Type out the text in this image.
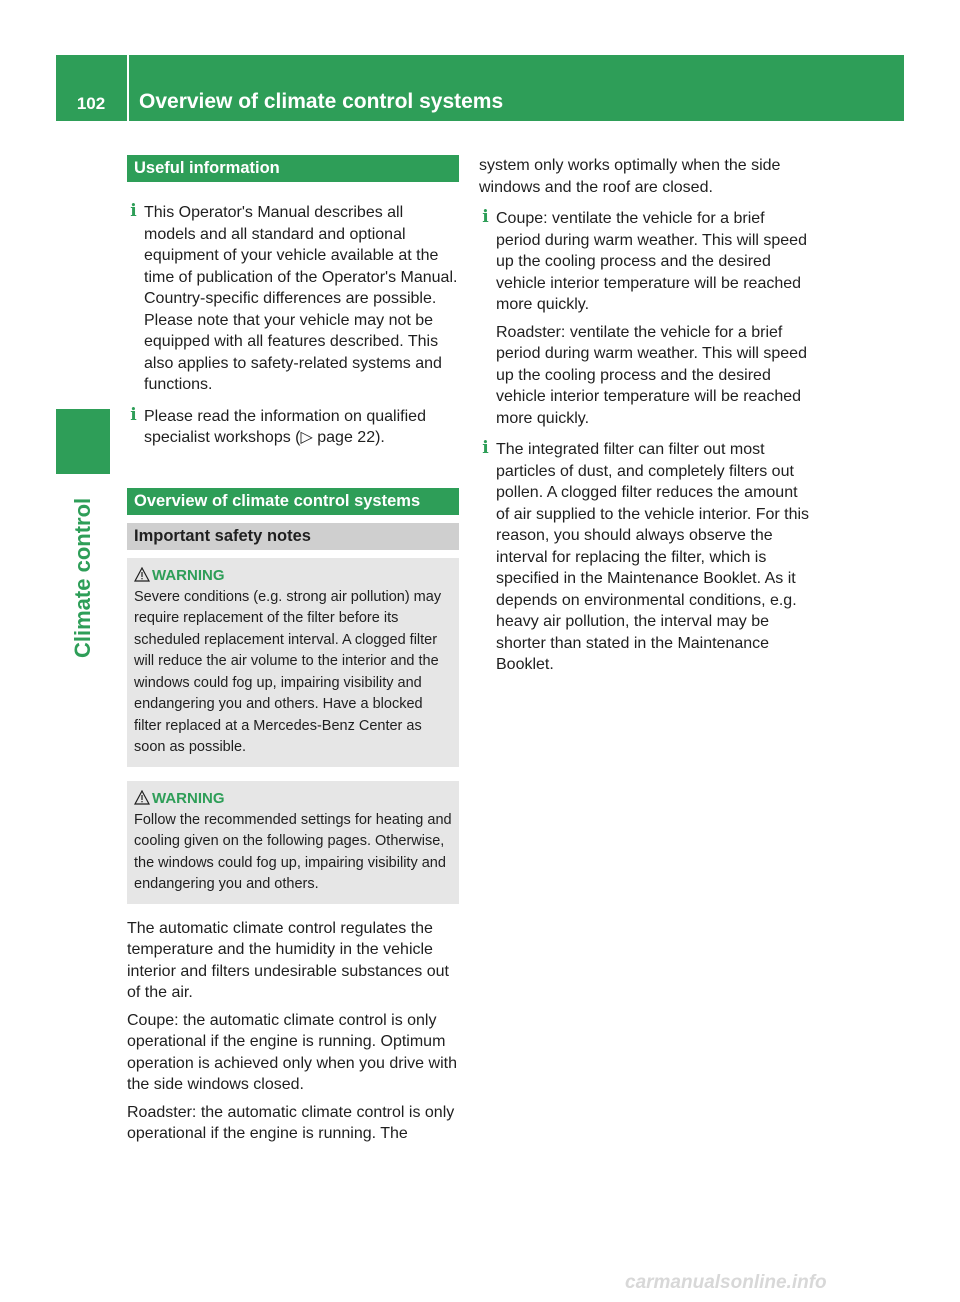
102	Overview of climate control systems
Climate control
Useful information
i This Operator's Manual describes all models and all standard and optional equipment of your vehicle available at the time of publication of the Operator's Manual. Country-specific differences are possible. Please note that your vehicle may not be equipped with all features described. This also applies to safety-related systems and functions.

i Please read the information on qualified specialist workshops (▷ page 22).

Overview of climate control systems
Important safety notes
WARNING

Severe conditions (e.g. strong air pollution) may require replacement of the filter before its scheduled replacement interval. A clogged filter will reduce the air volume to the interior and the windows could fog up, impairing visibility and endangering you and others. Have a blocked filter replaced at a Mercedes-Benz Center as soon as possible.

WARNING

Follow the recommended settings for heating and cooling given on the following pages. Otherwise, the windows could fog up, impairing visibility and endangering you and others.

The automatic climate control regulates the temperature and the humidity in the vehicle interior and filters undesirable substances out of the air.

Coupe: the automatic climate control is only operational if the engine is running. Optimum operation is achieved only when you drive with the side windows closed.

Roadster: the automatic climate control is only operational if the engine is running. The

system only works optimally when the side windows and the roof are closed.

i Coupe: ventilate the vehicle for a brief period during warm weather. This will speed up the cooling process and the desired vehicle interior temperature will be reached more quickly.

Roadster: ventilate the vehicle for a brief period during warm weather. This will speed up the cooling process and the desired vehicle interior temperature will be reached more quickly.

i The integrated filter can filter out most particles of dust, and completely filters out pollen. A clogged filter reduces the amount of air supplied to the vehicle interior. For this reason, you should always observe the interval for replacing the filter, which is specified in the Maintenance Booklet. As it depends on environmental conditions, e.g. heavy air pollution, the interval may be shorter than stated in the Maintenance Booklet.

carmanualsonline.info
